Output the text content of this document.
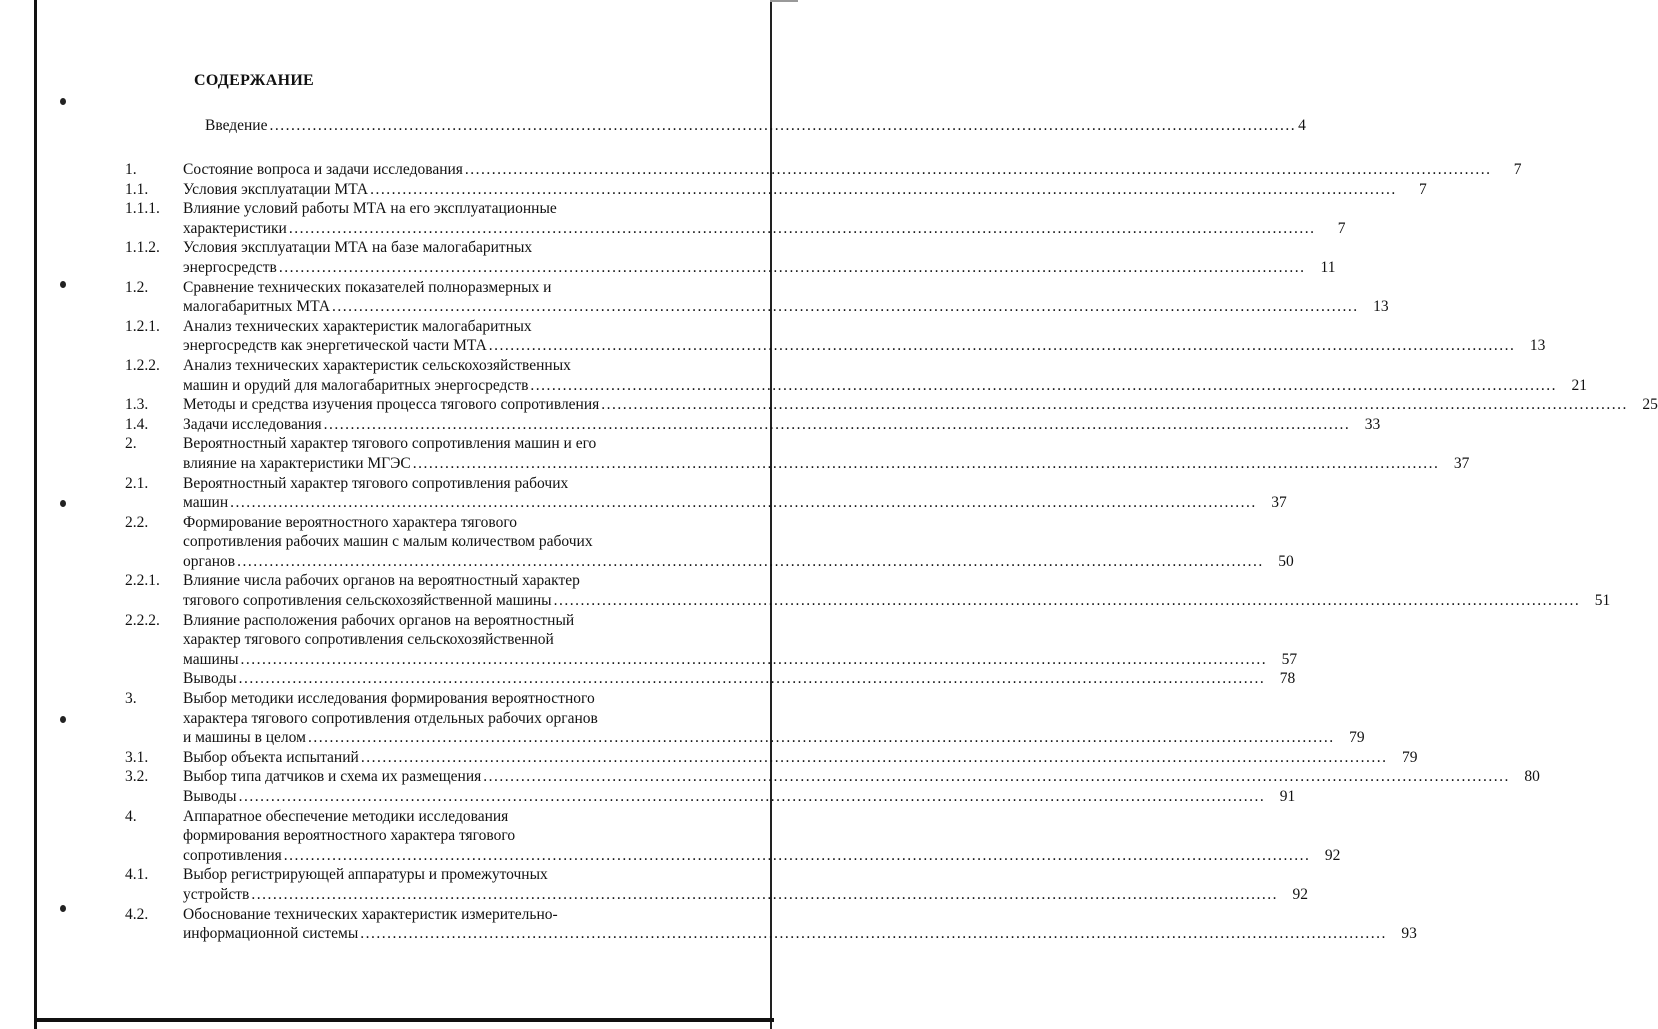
СОДЕРЖАНИЕ
Введение .....	4
1.	Состояние вопроса и задачи исследования .....	7
1.1.	Условия эксплуатации МТА .....	7
1.1.1.	Влияние условий работы МТА на его эксплуатационные
характеристики .....	7
1.1.2.	Условия эксплуатации МТА на базе малогабаритных
энергосредств .....	11
1.2.	Сравнение технических показателей полноразмерных и
малогабаритных МТА .....	13
1.2.1.	Анализ технических характеристик малогабаритных
энергосредств как энергетической части МТА .....	13
1.2.2.	Анализ технических характеристик сельскохозяйственных
машин и орудий для малогабаритных энергосредств .....	21
1.3.	Методы и средства изучения процесса тягового сопротивления .....	25
1.4.	Задачи исследования .....	33
2.	Вероятностный характер тягового сопротивления машин и его
влияние на характеристики МГЭС .....	37
2.1.	Вероятностный характер тягового сопротивления рабочих
машин .....	37
2.2.	Формирование вероятностного характера тягового
сопротивления рабочих машин с малым количеством рабочих
органов .....	50
2.2.1.	Влияние числа рабочих органов на вероятностный характер
тягового сопротивления сельскохозяйственной машины .....	51
2.2.2.	Влияние расположения рабочих органов на вероятностный
характер тягового сопротивления сельскохозяйственной
машины .....	57
Выводы .....	78
3.	Выбор методики исследования формирования вероятностного
характера тягового сопротивления отдельных рабочих органов
и машины в целом .....	79
3.1.	Выбор объекта испытаний .....	79
3.2.	Выбор типа датчиков и схема их размещения .....	80
Выводы .....	91
4.	Аппаратное обеспечение методики исследования
формирования вероятностного характера тягового
сопротивления .....	92
4.1.	Выбор регистрирующей аппаратуры и промежуточных
устройств .....	92
4.2.	Обоснование технических характеристик измерительно-
информационной системы .....	93
